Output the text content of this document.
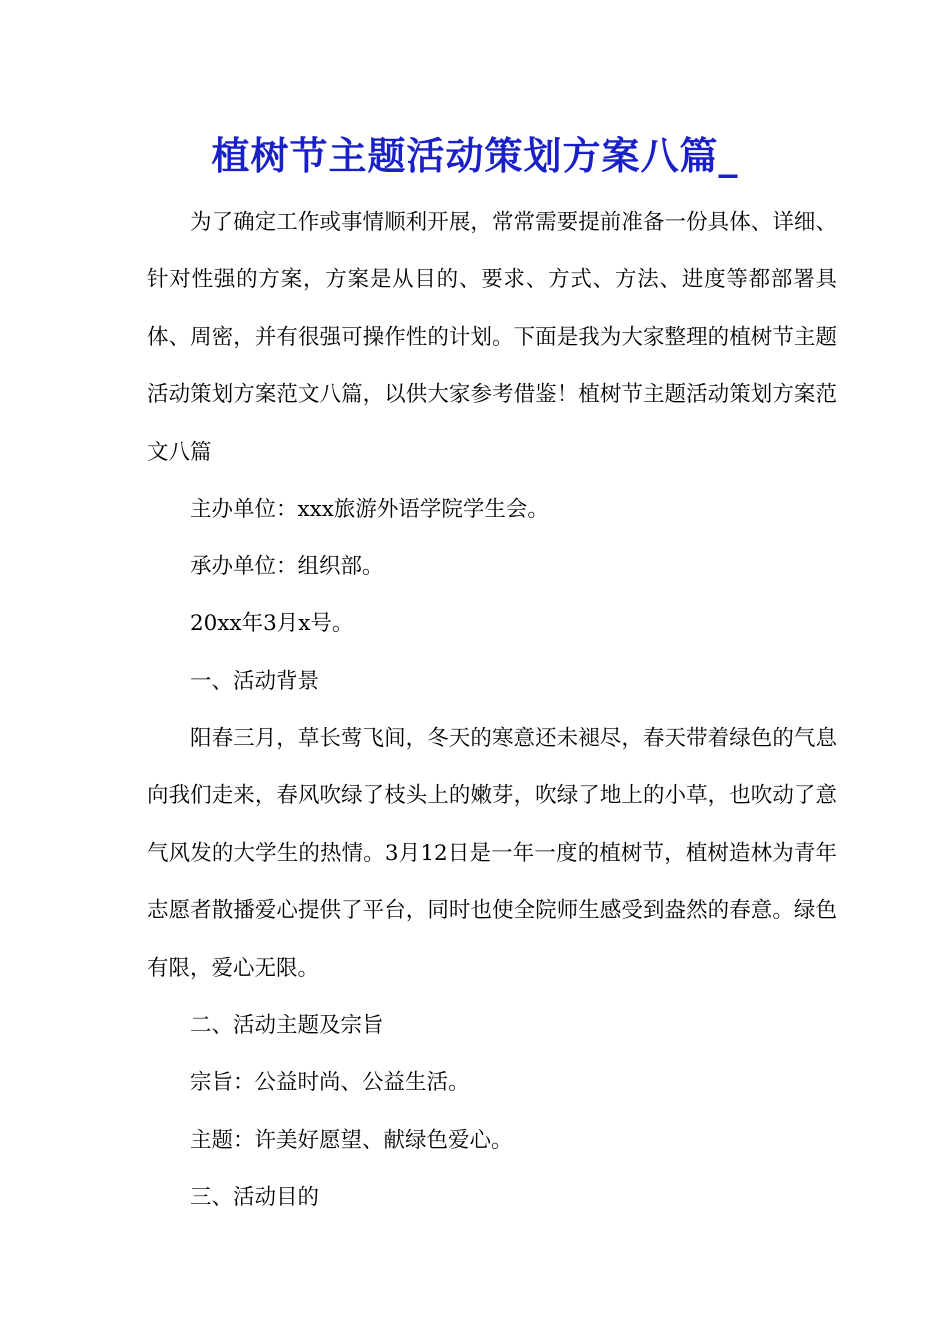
植树节主题活动策划方案八篇_

为了确定工作或事情顺利开展，常常需要提前准备一份具体、详细、针对性强的方案，方案是从目的、要求、方式、方法、进度等都部署具体、周密，并有很强可操作性的计划。下面是我为大家整理的植树节主题活动策划方案范文八篇，以供大家参考借鉴！植树节主题活动策划方案范文八篇

主办单位：xxx旅游外语学院学生会。

承办单位：组织部。

20xx年3月x号。

一、活动背景

阳春三月，草长莺飞间，冬天的寒意还未褪尽，春天带着绿色的气息向我们走来，春风吹绿了枝头上的嫩芽，吹绿了地上的小草，也吹动了意气风发的大学生的热情。3月12日是一年一度的植树节，植树造林为青年志愿者散播爱心提供了平台，同时也使全院师生感受到盎然的春意。绿色有限，爱心无限。

二、活动主题及宗旨

宗旨：公益时尚、公益生活。

主题：许美好愿望、献绿色爱心。

三、活动目的
